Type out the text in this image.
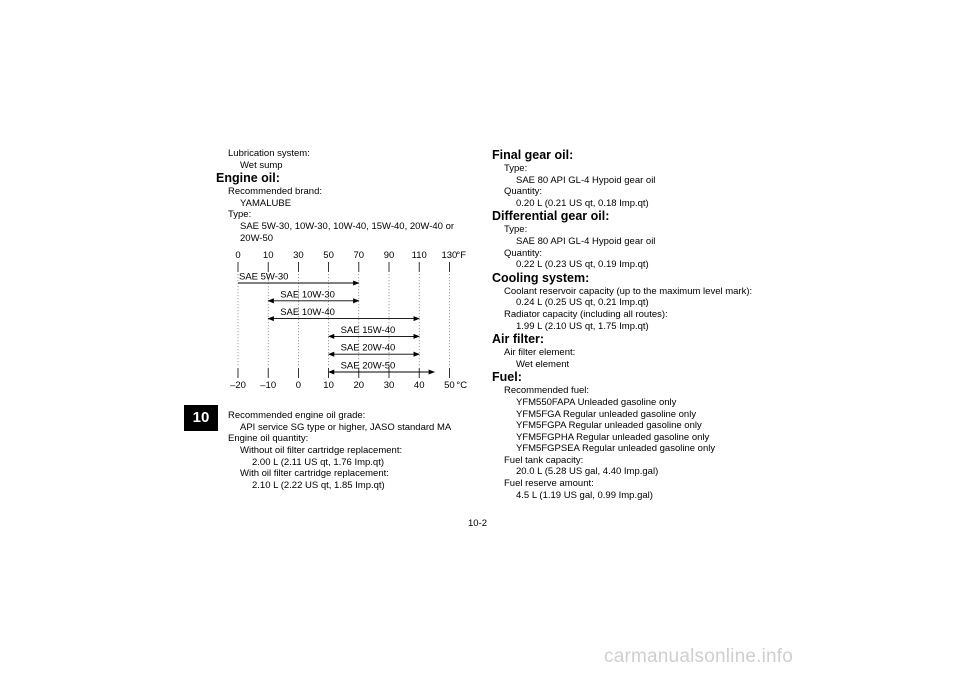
10
Lubrication system:
Wet sump
Engine oil:
Recommended brand:
YAMALUBE
Type:
SAE 5W-30, 10W-30, 10W-40, 15W-40, 20W-40 or 20W-50
0
–20
10
–10
30
0
50
10
70
20
90
30
110
40
130
50
°F
°C
SAE 5W-30
SAE 10W-30
SAE 10W-40
SAE 15W-40
SAE 20W-40
SAE 20W-50
Recommended engine oil grade:
API service SG type or higher, JASO standard MA
Engine oil quantity:
Without oil filter cartridge replacement:
2.00 L (2.11 US qt, 1.76 Imp.qt)
With oil filter cartridge replacement:
2.10 L (2.22 US qt, 1.85 Imp.qt)
Final gear oil:
Type:
SAE 80 API GL-4 Hypoid gear oil
Quantity:
0.20 L (0.21 US qt, 0.18 Imp.qt)
Differential gear oil:
Type:
SAE 80 API GL-4 Hypoid gear oil
Quantity:
0.22 L (0.23 US qt, 0.19 Imp.qt)
Cooling system:
Coolant reservoir capacity (up to the maximum level mark):
0.24 L (0.25 US qt, 0.21 Imp.qt)
Radiator capacity (including all routes):
1.99 L (2.10 US qt, 1.75 Imp.qt)
Air filter:
Air filter element:
Wet element
Fuel:
Recommended fuel:
YFM550FAPA Unleaded gasoline only
YFM5FGA Regular unleaded gasoline only
YFM5FGPA Regular unleaded gasoline only
YFM5FGPHA Regular unleaded gasoline only
YFM5FGPSEA Regular unleaded gasoline only
Fuel tank capacity:
20.0 L (5.28 US gal, 4.40 Imp.gal)
Fuel reserve amount:
4.5 L (1.19 US gal, 0.99 Imp.gal)
10-2
carmanualsonline.info
